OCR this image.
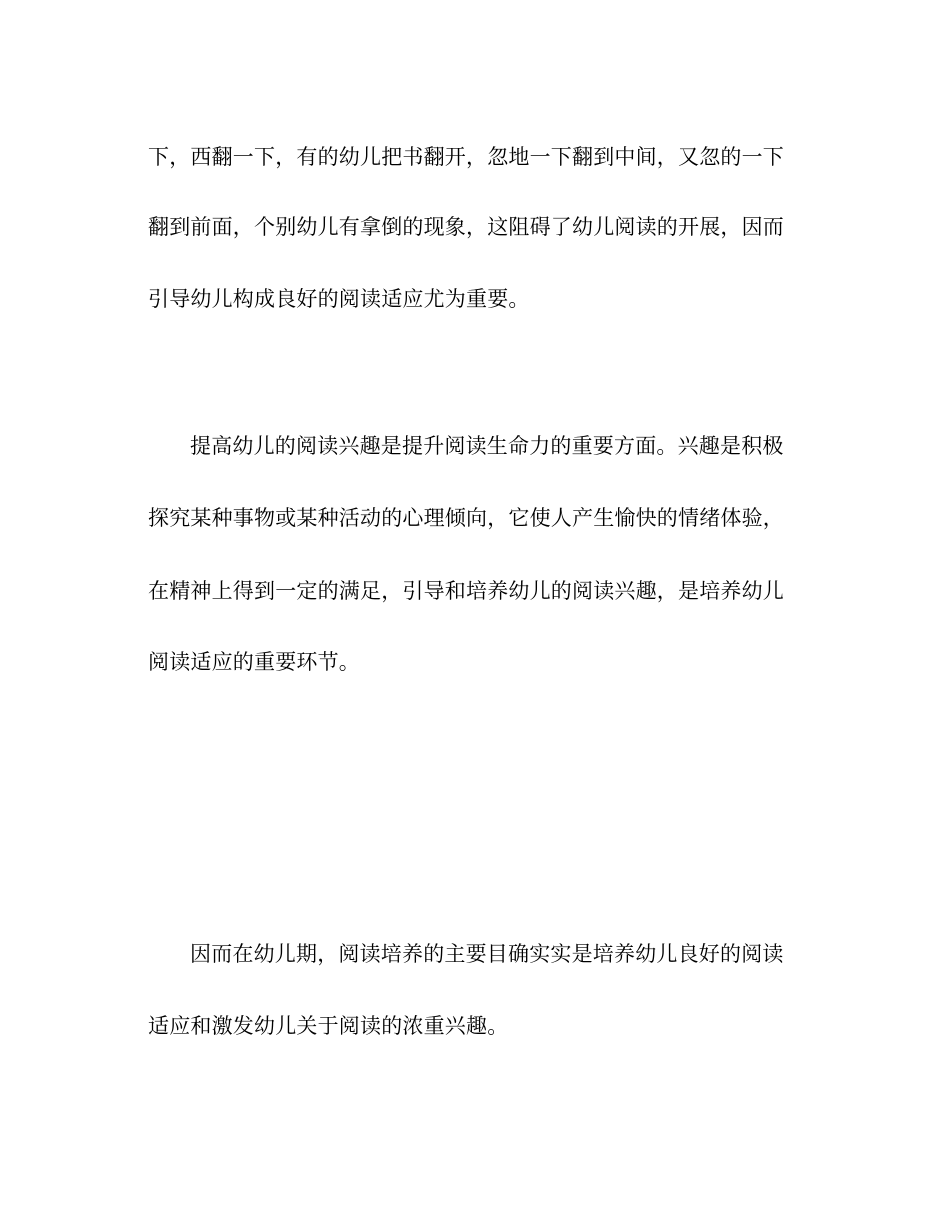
下，西翻一下，有的幼儿把书翻开，忽地一下翻到中间，又忽的一下
翻到前面，个别幼儿有拿倒的现象，这阻碍了幼儿阅读的开展，因而
引导幼儿构成良好的阅读适应尤为重要。
提高幼儿的阅读兴趣是提升阅读生命力的重要方面。兴趣是积极
探究某种事物或某种活动的心理倾向，它使人产生愉快的情绪体验，
在精神上得到一定的满足，引导和培养幼儿的阅读兴趣，是培养幼儿
阅读适应的重要环节。
因而在幼儿期，阅读培养的主要目确实实是培养幼儿良好的阅读
适应和激发幼儿关于阅读的浓重兴趣。
